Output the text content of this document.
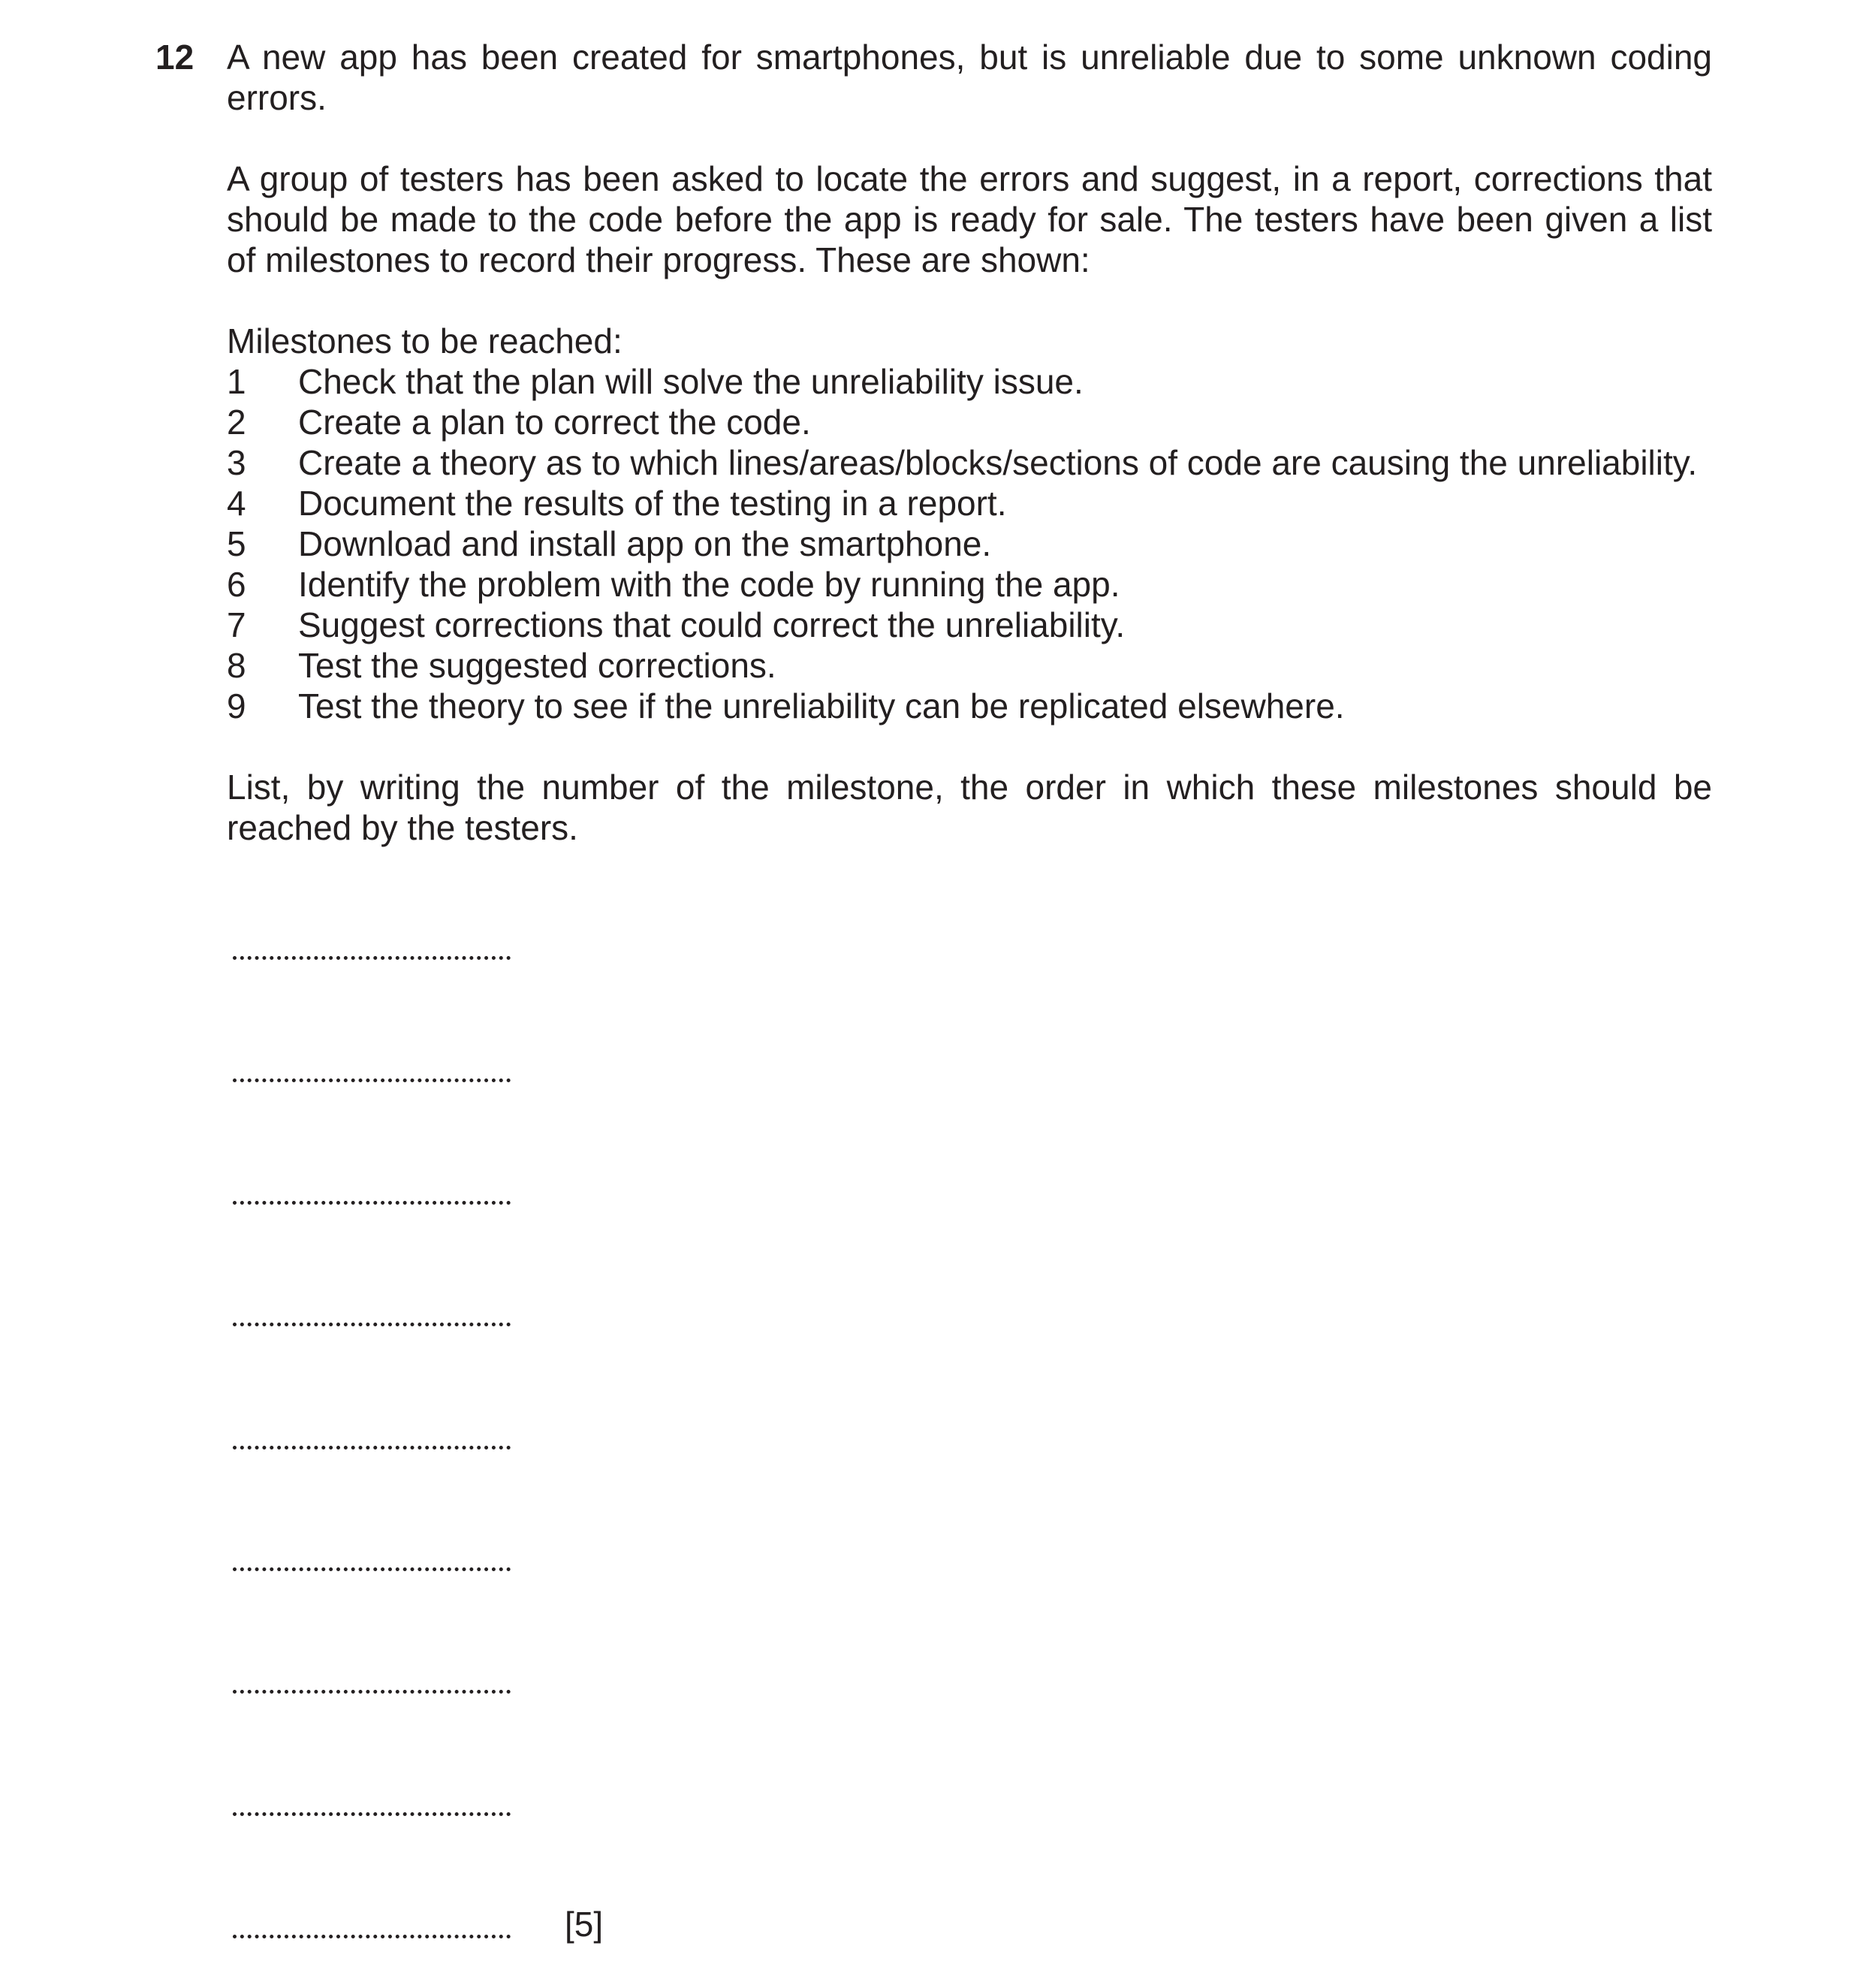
12 A new app has been created for smartphones, but is unreliable due to some unknown coding errors.

A group of testers has been asked to locate the errors and suggest, in a report, corrections that should be made to the code before the app is ready for sale. The testers have been given a list of milestones to record their progress. These are shown:

Milestones to be reached:

1 Check that the plan will solve the unreliability issue.
2 Create a plan to correct the code.
3 Create a theory as to which lines/areas/blocks/sections of code are causing the unreliability.
4 Document the results of the testing in a report.
5 Download and install app on the smartphone.
6 Identify the problem with the code by running the app.
7 Suggest corrections that could correct the unreliability.
8 Test the suggested corrections.
9 Test the theory to see if the unreliability can be replicated elsewhere.

List, by writing the number of the milestone, the order in which these milestones should be reached by the testers.

[5]
